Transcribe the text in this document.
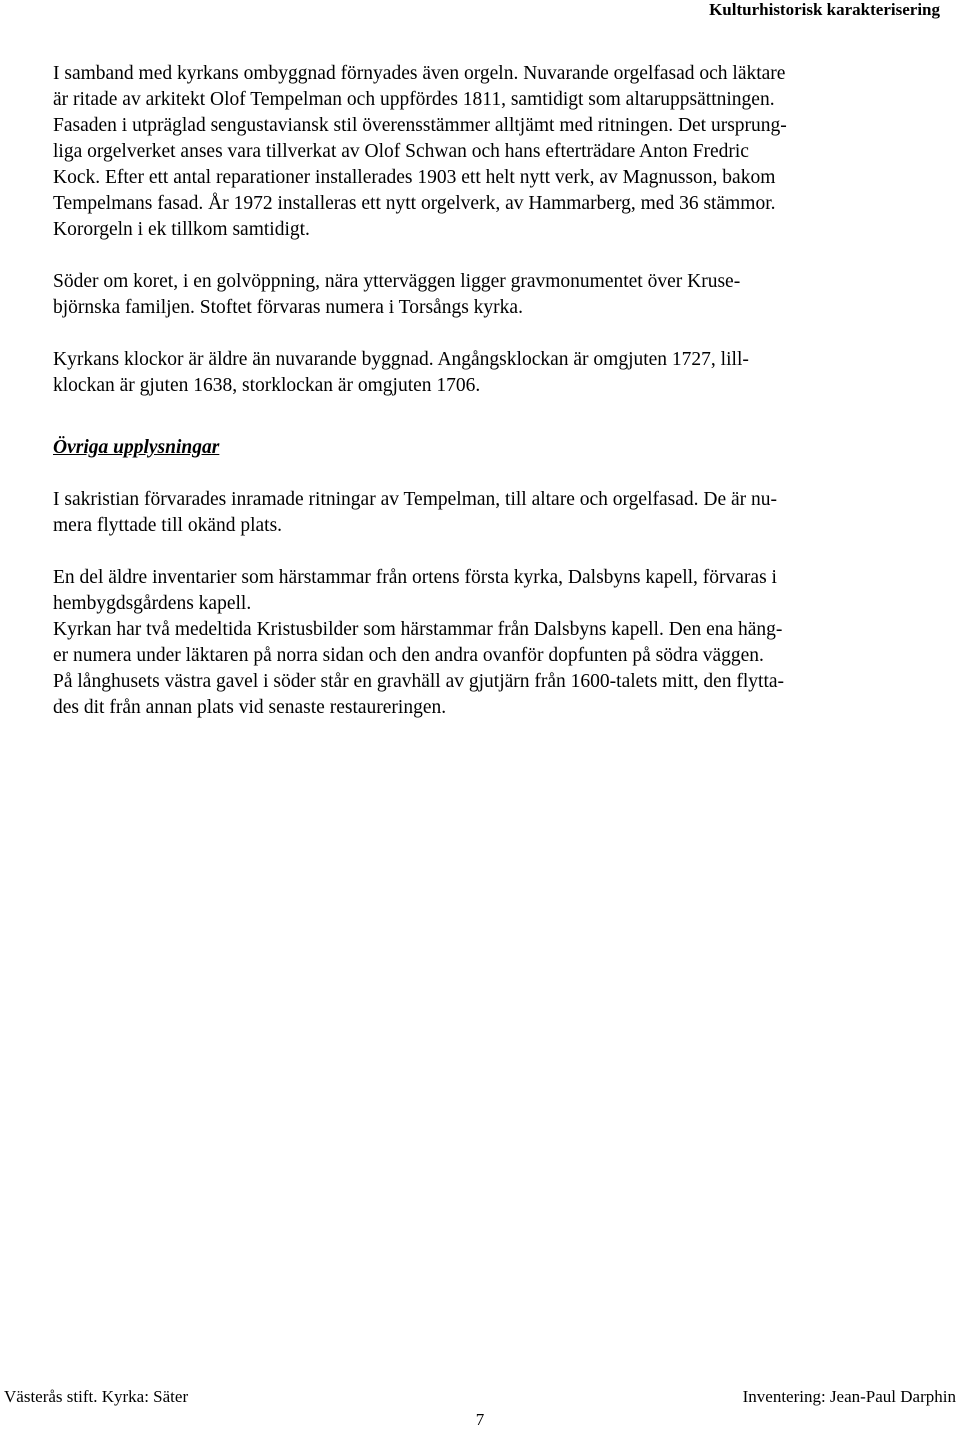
Kulturhistorisk karakterisering

I samband med kyrkans ombyggnad förnyades även orgeln. Nuvarande orgelfasad och läktare
är ritade av arkitekt Olof Tempelman och uppfördes 1811, samtidigt som altaruppsättningen.
Fasaden i utpräglad sengustaviansk stil överensstämmer alltjämt med ritningen. Det ursprung-
liga orgelverket anses vara tillverkat av Olof Schwan och hans efterträdare Anton Fredric
Kock. Efter ett antal reparationer installerades 1903 ett helt nytt verk, av Magnusson, bakom
Tempelmans fasad. År 1972 installeras ett nytt orgelverk, av Hammarberg, med 36 stämmor.
Kororgeln i ek tillkom samtidigt.

Söder om koret, i en golvöppning, nära ytterväggen ligger gravmonumentet över Kruse-
björnska familjen. Stoftet förvaras numera i Torsångs kyrka.

Kyrkans klockor är äldre än nuvarande byggnad. Angångsklockan är omgjuten 1727, lill-
klockan är gjuten 1638, storklockan är omgjuten 1706.

Övriga upplysningar

I sakristian förvarades inramade ritningar av Tempelman, till altare och orgelfasad. De är nu-
mera flyttade till okänd plats.

En del äldre inventarier som härstammar från ortens första kyrka, Dalsbyns kapell, förvaras i
hembygdsgårdens kapell.

Kyrkan har två medeltida Kristusbilder som härstammar från Dalsbyns kapell. Den ena häng-
er numera under läktaren på norra sidan och den andra ovanför dopfunten på södra väggen.

På långhusets västra gavel i söder står en gravhäll av gjutjärn från 1600-talets mitt, den flytta-
des dit från annan plats vid senaste restaureringen.

Västerås stift. Kyrka: Säter	Inventering: Jean-Paul Darphin
7
